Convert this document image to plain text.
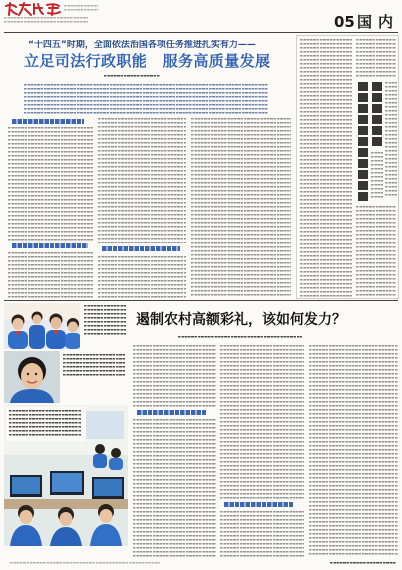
05 国内
“十四五”时期，全面依法治国各项任务推进扎实有力——
立足司法行政职能　服务高质量发展
遏制农村高额彩礼，该如何发力？
